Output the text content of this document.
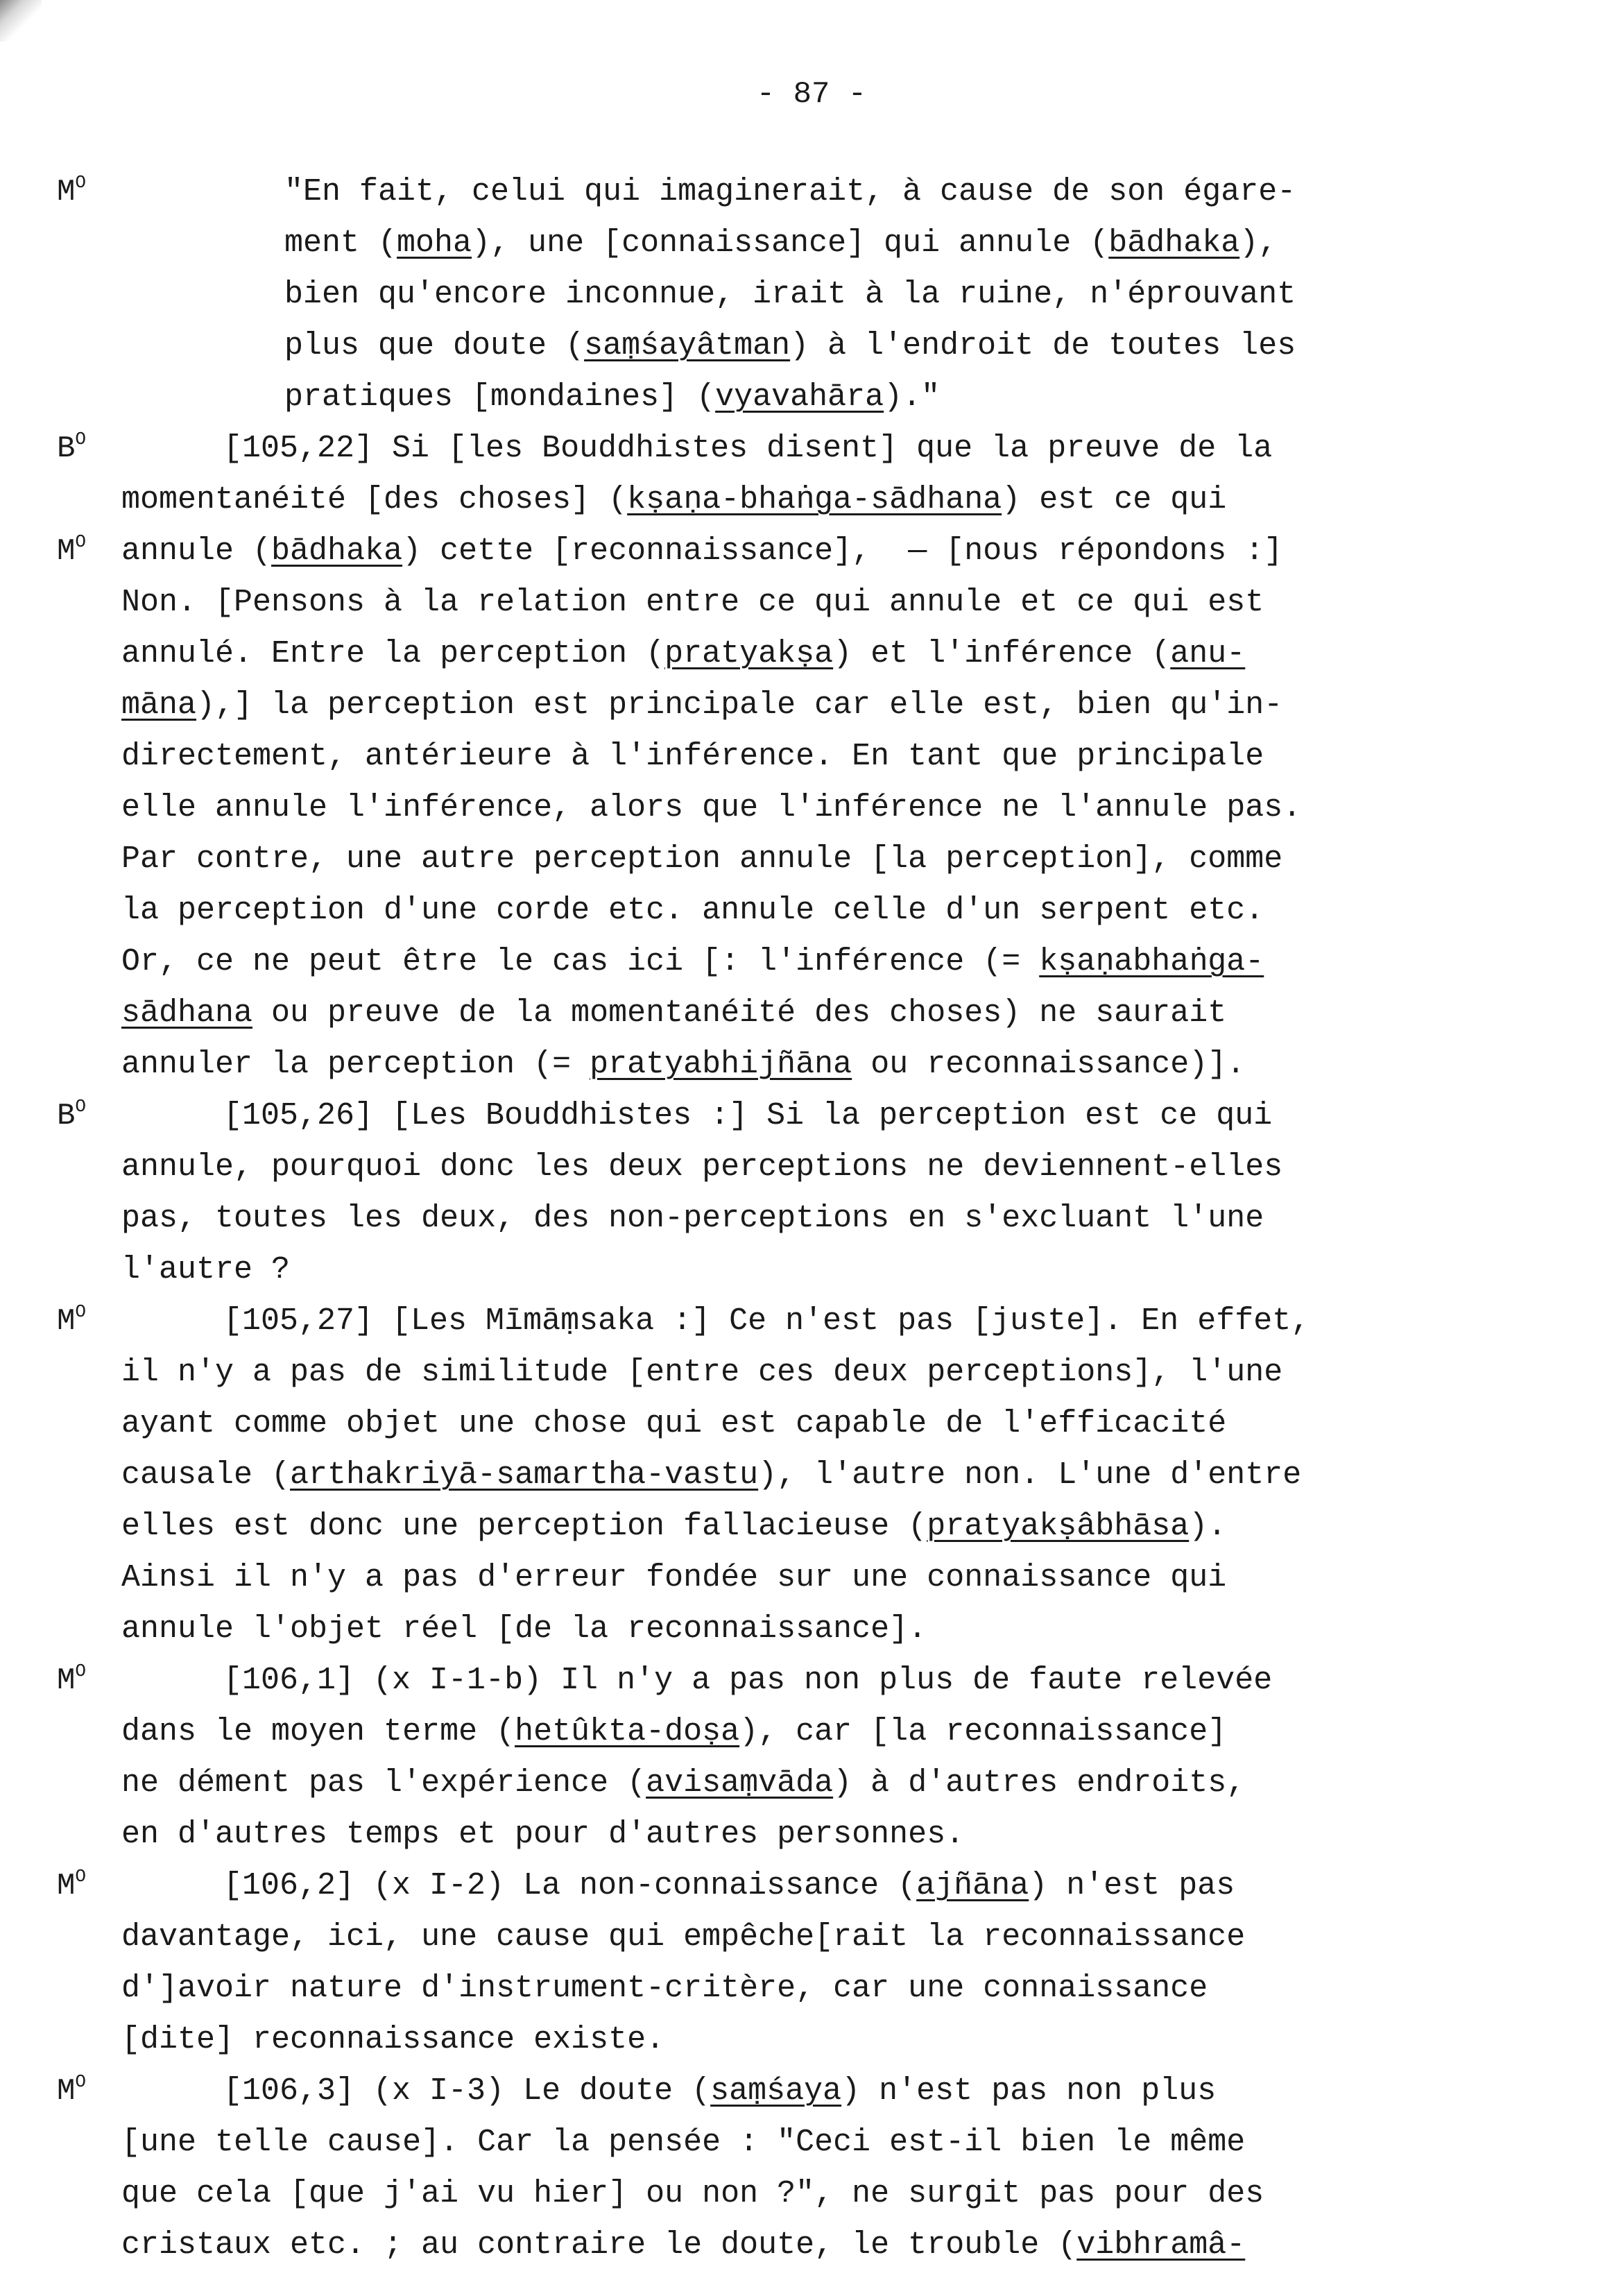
- 87 -
"En fait, celui qui imaginerait, à cause de son égare-
ment (moha), une [connaissance] qui annule (bādhaka),
bien qu'encore inconnue, irait à la ruine, n'éprouvant
plus que doute (saṃśayâtman) à l'endroit de toutes les
pratiques [mondaines] (vyavahāra)."
[105,22] Si [les Bouddhistes disent] que la preuve de la
momentanéité [des choses] (kṣaṇa-bhaṅga-sādhana) est ce qui
annule (bādhaka) cette [reconnaissance],  — [nous répondons :]
Non. [Pensons à la relation entre ce qui annule et ce qui est
annulé. Entre la perception (pratyakṣa) et l'inférence (anu-
māna),] la perception est principale car elle est, bien qu'in-
directement, antérieure à l'inférence. En tant que principale
elle annule l'inférence, alors que l'inférence ne l'annule pas.
Par contre, une autre perception annule [la perception], comme
la perception d'une corde etc. annule celle d'un serpent etc.
Or, ce ne peut être le cas ici [: l'inférence (= kṣaṇabhaṅga-
sādhana ou preuve de la momentanéité des choses) ne saurait
annuler la perception (= pratyabhijñāna ou reconnaissance)].
[105,26] [Les Bouddhistes :] Si la perception est ce qui
annule, pourquoi donc les deux perceptions ne deviennent-elles
pas, toutes les deux, des non-perceptions en s'excluant l'une
l'autre ?
[105,27] [Les Mīmāṃsaka :] Ce n'est pas [juste]. En effet,
il n'y a pas de similitude [entre ces deux perceptions], l'une
ayant comme objet une chose qui est capable de l'efficacité
causale (arthakriyā-samartha-vastu), l'autre non. L'une d'entre
elles est donc une perception fallacieuse (pratyakṣâbhāsa).
Ainsi il n'y a pas d'erreur fondée sur une connaissance qui
annule l'objet réel [de la reconnaissance].
[106,1] (x I-1-b) Il n'y a pas non plus de faute relevée
dans le moyen terme (hetûkta-doṣa), car [la reconnaissance]
ne dément pas l'expérience (avisaṃvāda) à d'autres endroits,
en d'autres temps et pour d'autres personnes.
[106,2] (x I-2) La non-connaissance (ajñāna) n'est pas
davantage, ici, une cause qui empêche[rait la reconnaissance
d']avoir nature d'instrument-critère, car une connaissance
[dite] reconnaissance existe.
[106,3] (x I-3) Le doute (saṃśaya) n'est pas non plus
[une telle cause]. Car la pensée : "Ceci est-il bien le même
que cela [que j'ai vu hier] ou non ?", ne surgit pas pour des
cristaux etc. ; au contraire le doute, le trouble (vibhramâ-
$M^O$
$B^O$
$M^O$
$B^O$
$M^O$
$M^O$
$M^O$
$M^O$
